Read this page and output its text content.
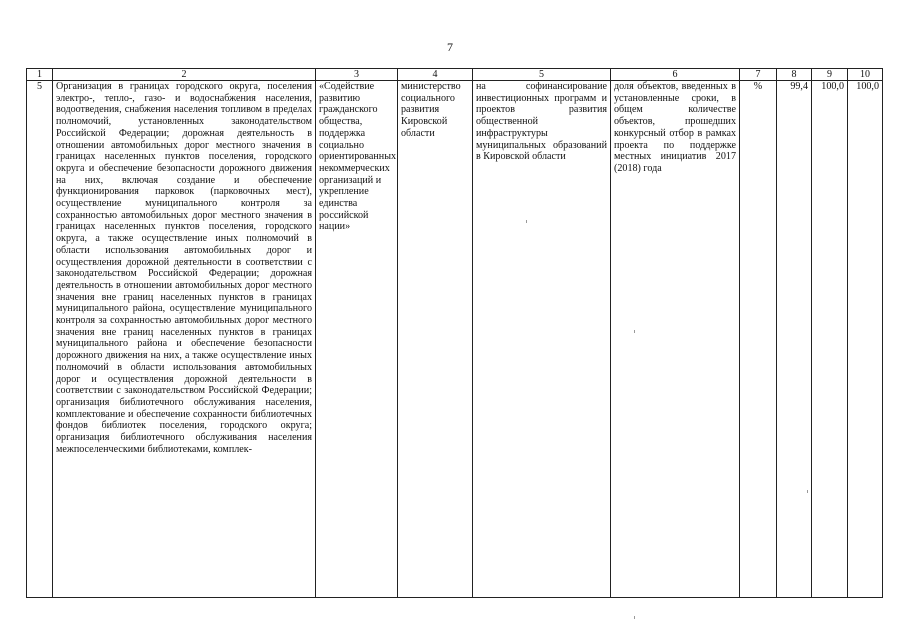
7
1	2	3	4	5	6	7	8	9	10

5	Организация в границах городского округа, поселения электро-, тепло-, газо- и водоснабжения населения, водоотведения, снабжения населения топливом в пределах полномочий, установленных законодательством Российской Федерации; дорожная деятельность в отношении автомобильных дорог местного значения в границах населенных пунктов поселения, городского округа и обеспечение безопасности дорожного движения на них, включая создание и обеспечение функционирования парковок (парковочных мест), осуществление муниципального контроля за сохранностью автомобильных дорог местного значения в границах населенных пунктов поселения, городского округа, а также осуществление иных полномочий в области использования автомобильных дорог и осуществления дорожной деятельности в соответствии с законодательством Российской Федерации; дорожная деятельность в отношении автомобильных дорог местного значения вне границ населенных пунктов в границах муниципального района, осуществление муниципального контроля за сохранностью автомобильных дорог местного значения вне границ населенных пунктов в границах муниципального района и обеспечение безопасности дорожного движения на них, а также осуществление иных полномочий в области использования автомобильных дорог и осуществления дорожной деятельности в соответствии с законодательством Российской Федерации; организация библиотечного обслуживания населения, комплектование и обеспечение сохранности библиотечных фондов библиотек поселения, городского округа; организация библиотечного обслуживания населения межпоселенческими библиотеками, комплек-	«Содействие развитию гражданского общества, поддержка социально ориентированных некоммерческих организаций и укрепление единства российской нации»	министерство социального развития Кировской области	на софинансирование инвестиционных программ и проектов развития общественной инфраструктуры муниципальных образований в Кировской области	доля объектов, введенных в установленные сроки, в общем количестве объектов, прошедших конкурсный отбор в рамках проекта по поддержке местных инициатив 2017 (2018) года	%	99,4	100,0	100,0
